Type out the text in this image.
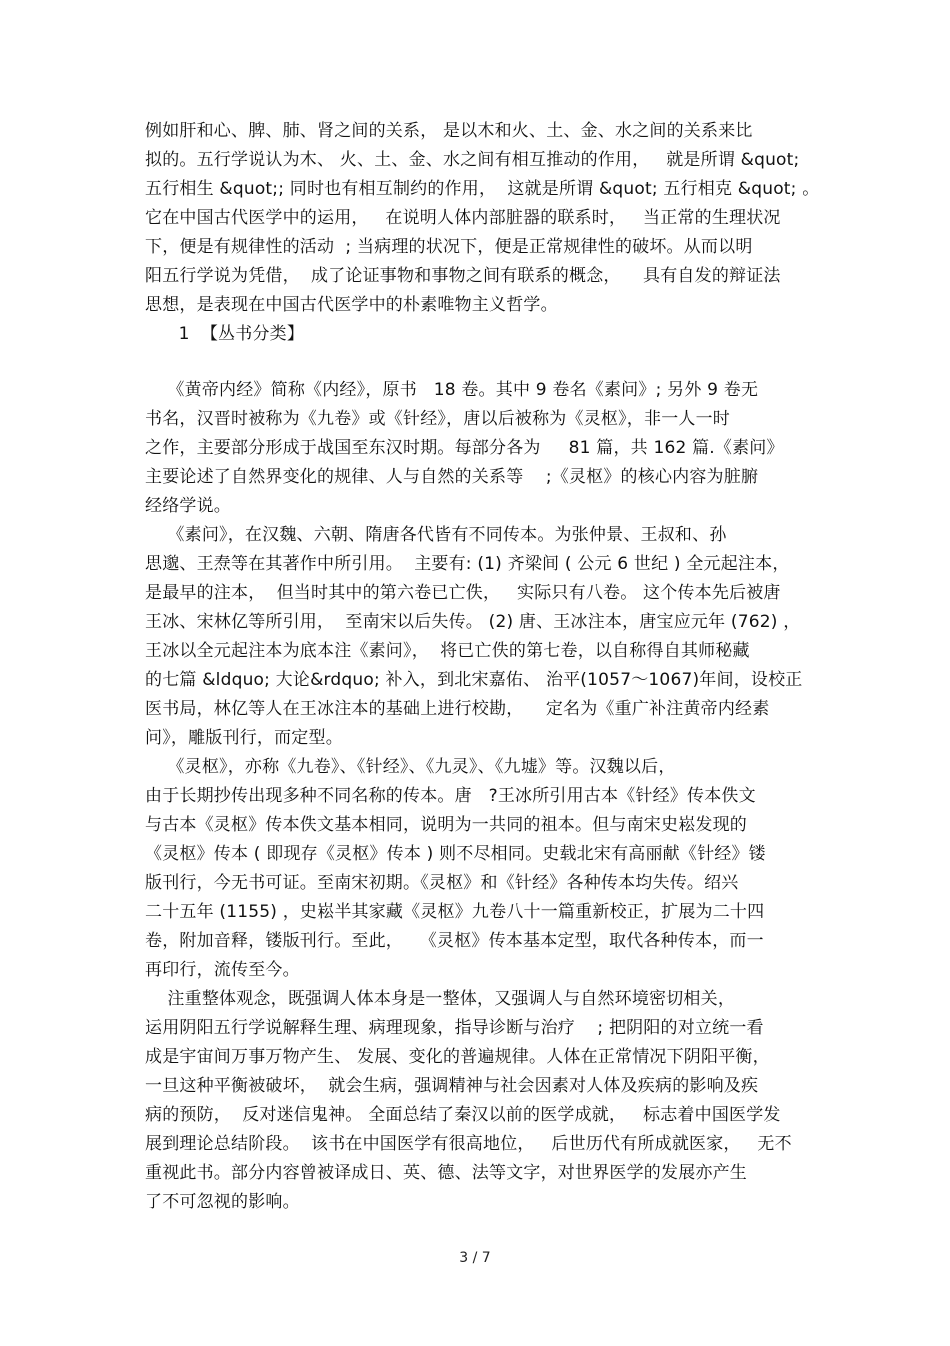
例如肝和心、脾、肺、肾之间的关系， 是以木和火、土、金、水之间的关系来比
拟的。五行学说认为木、 火、土、金、水之间有相互推动的作用，   就是所谓 &quot;
五行相生 &quot;; 同时也有相互制约的作用，  这就是所谓 &quot; 五行相克 &quot; 。
它在中国古代医学中的运用，   在说明人体内部脏器的联系时，   当正常的生理状况
下，便是有规律性的活动  ; 当病理的状况下，便是正常规律性的破坏。从而以明
阳五行学说为凭借，  成了论证事物和事物之间有联系的概念，    具有自发的辩证法
思想，是表现在中国古代医学中的朴素唯物主义哲学。
1  【丛书分类】
《黄帝内经》简称《内经》，原书   18 卷。其中 9 卷名《素问》; 另外 9 卷无
书名，汉晋时被称为《九卷》或《针经》，唐以后被称为《灵枢》，非一人一时
之作，主要部分形成于战国至东汉时期。每部分各为     81 篇，共 162 篇.《素问》
主要论述了自然界变化的规律、人与自然的关系等    ;《灵枢》的核心内容为脏腑
经络学说。
《素问》，在汉魏、六朝、隋唐各代皆有不同传本。为张仲景、王叔和、孙
思邈、王焘等在其著作中所引用。  主要有: (1) 齐梁间 ( 公元 6 世纪 ) 全元起注本，
是最早的注本，  但当时其中的第六卷已亡佚，   实际只有八卷。 这个传本先后被唐
王冰、宋林亿等所引用，  至南宋以后失传。 (2) 唐、王冰注本，唐宝应元年 (762) ，
王冰以全元起注本为底本注《素问》，  将已亡佚的第七卷，以自称得自其师秘藏
的七篇 &ldquo; 大论&rdquo; 补入，到北宋嘉佑、 治平(1057～1067)年间，设校正
医书局，林亿等人在王冰注本的基础上进行校勘，    定名为《重广补注黄帝内经素
问》，雕版刊行，而定型。
《灵枢》，亦称《九卷》、《针经》、《九灵》、《九墟》等。汉魏以后，
由于长期抄传出现多种不同名称的传本。唐   ?王冰所引用古本《针经》传本佚文
与古本《灵枢》传本佚文基本相同，说明为一共同的祖本。但与南宋史崧发现的
《灵枢》传本 ( 即现存《灵枢》传本 ) 则不尽相同。史载北宋有高丽献《针经》镂
版刊行，今无书可证。至南宋初期。《灵枢》和《针经》各种传本均失传。绍兴
二十五年 (1155) ，史崧半其家藏《灵枢》九卷八十一篇重新校正，扩展为二十四
卷，附加音释，镂版刊行。至此，   《灵枢》传本基本定型，取代各种传本，而一
再印行，流传至今。
注重整体观念，既强调人体本身是一整体，又强调人与自然环境密切相关，
运用阴阳五行学说解释生理、病理现象，指导诊断与治疗    ; 把阴阳的对立统一看
成是宇宙间万事万物产生、 发展、变化的普遍规律。人体在正常情况下阴阳平衡，
一旦这种平衡被破坏，  就会生病，强调精神与社会因素对人体及疾病的影响及疾
病的预防，  反对迷信鬼神。 全面总结了秦汉以前的医学成就，   标志着中国医学发
展到理论总结阶段。  该书在中国医学有很高地位，   后世历代有所成就医家，   无不
重视此书。部分内容曾被译成日、英、德、法等文字，对世界医学的发展亦产生
了不可忽视的影响。
3 / 7
